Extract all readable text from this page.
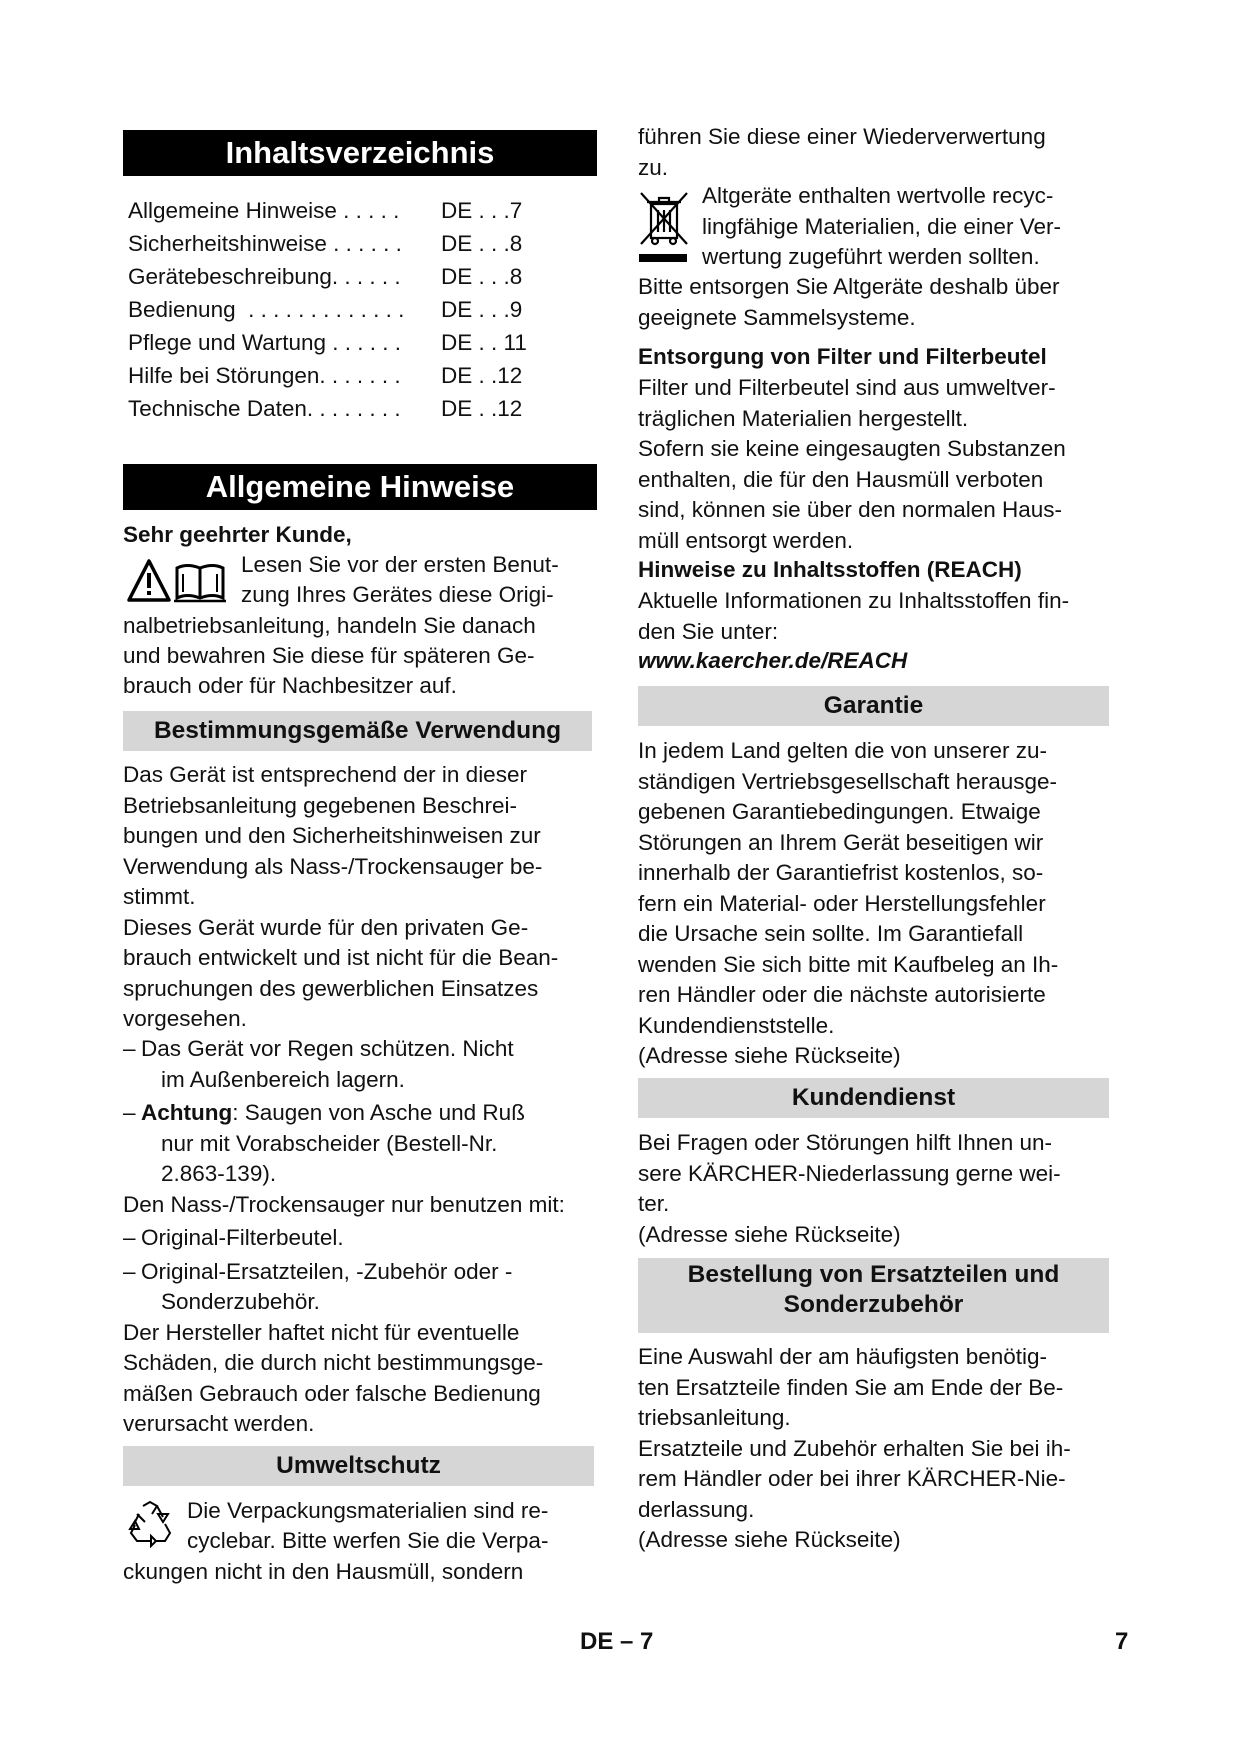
Inhaltsverzeichnis
Allgemeine Hinweise . . . . . DE . . .7
Sicherheitshinweise . . . . . . DE . . .8
Gerätebeschreibung. . . . . . DE . . .8
Bedienung  . . . . . . . . . . . . . DE . . .9
Pflege und Wartung . . . . . . DE . . 11
Hilfe bei Störungen. . . . . . . DE . .12
Technische Daten. . . . . . . . DE . .12
Allgemeine Hinweise
Sehr geehrter Kunde,
Lesen Sie vor der ersten Benut-
zung Ihres Gerätes diese Origi-
nalbetriebsanleitung, handeln Sie danach
und bewahren Sie diese für späteren Ge-
brauch oder für Nachbesitzer auf.
Bestimmungsgemäße Verwendung
Das Gerät ist entsprechend der in dieser
Betriebsanleitung gegebenen Beschrei-
bungen und den Sicherheitshinweisen zur
Verwendung als Nass-/Trockensauger be-
stimmt.
Dieses Gerät wurde für den privaten Ge-
brauch entwickelt und ist nicht für die Bean-
spruchungen des gewerblichen Einsatzes
vorgesehen.
– Das Gerät vor Regen schützen. Nicht
im Außenbereich lagern.
– Achtung: Saugen von Asche und Ruß
nur mit Vorabscheider (Bestell-Nr.
2.863-139).
Den Nass-/Trockensauger nur benutzen mit:
– Original-Filterbeutel.
– Original-Ersatzteilen, -Zubehör oder -
Sonderzubehör.
Der Hersteller haftet nicht für eventuelle
Schäden, die durch nicht bestimmungsge-
mäßen Gebrauch oder falsche Bedienung
verursacht werden.
Umweltschutz
Die Verpackungsmaterialien sind re-
cyclebar. Bitte werfen Sie die Verpa-
ckungen nicht in den Hausmüll, sondern
führen Sie diese einer Wiederverwertung
zu.
Altgeräte enthalten wertvolle recyc-
lingfähige Materialien, die einer Ver-
wertung zugeführt werden sollten.
Bitte entsorgen Sie Altgeräte deshalb über
geeignete Sammelsysteme.
Entsorgung von Filter und Filterbeutel
Filter und Filterbeutel sind aus umweltver-
träglichen Materialien hergestellt.
Sofern sie keine eingesaugten Substanzen
enthalten, die für den Hausmüll verboten
sind, können sie über den normalen Haus-
müll entsorgt werden.
Hinweise zu Inhaltsstoffen (REACH)
Aktuelle Informationen zu Inhaltsstoffen fin-
den Sie unter:
www.kaercher.de/REACH
Garantie
In jedem Land gelten die von unserer zu-
ständigen Vertriebsgesellschaft herausge-
gebenen Garantiebedingungen. Etwaige
Störungen an Ihrem Gerät beseitigen wir
innerhalb der Garantiefrist kostenlos, so-
fern ein Material- oder Herstellungsfehler
die Ursache sein sollte. Im Garantiefall
wenden Sie sich bitte mit Kaufbeleg an Ih-
ren Händler oder die nächste autorisierte
Kundendienststelle.
(Adresse siehe Rückseite)
Kundendienst
Bei Fragen oder Störungen hilft Ihnen un-
sere KÄRCHER-Niederlassung gerne wei-
ter.
(Adresse siehe Rückseite)
Bestellung von Ersatzteilen und
Sonderzubehör
Eine Auswahl der am häufigsten benötig-
ten Ersatzteile finden Sie am Ende der Be-
triebsanleitung.
Ersatzteile und Zubehör erhalten Sie bei ih-
rem Händler oder bei ihrer KÄRCHER-Nie-
derlassung.
(Adresse siehe Rückseite)
DE – 7	7
